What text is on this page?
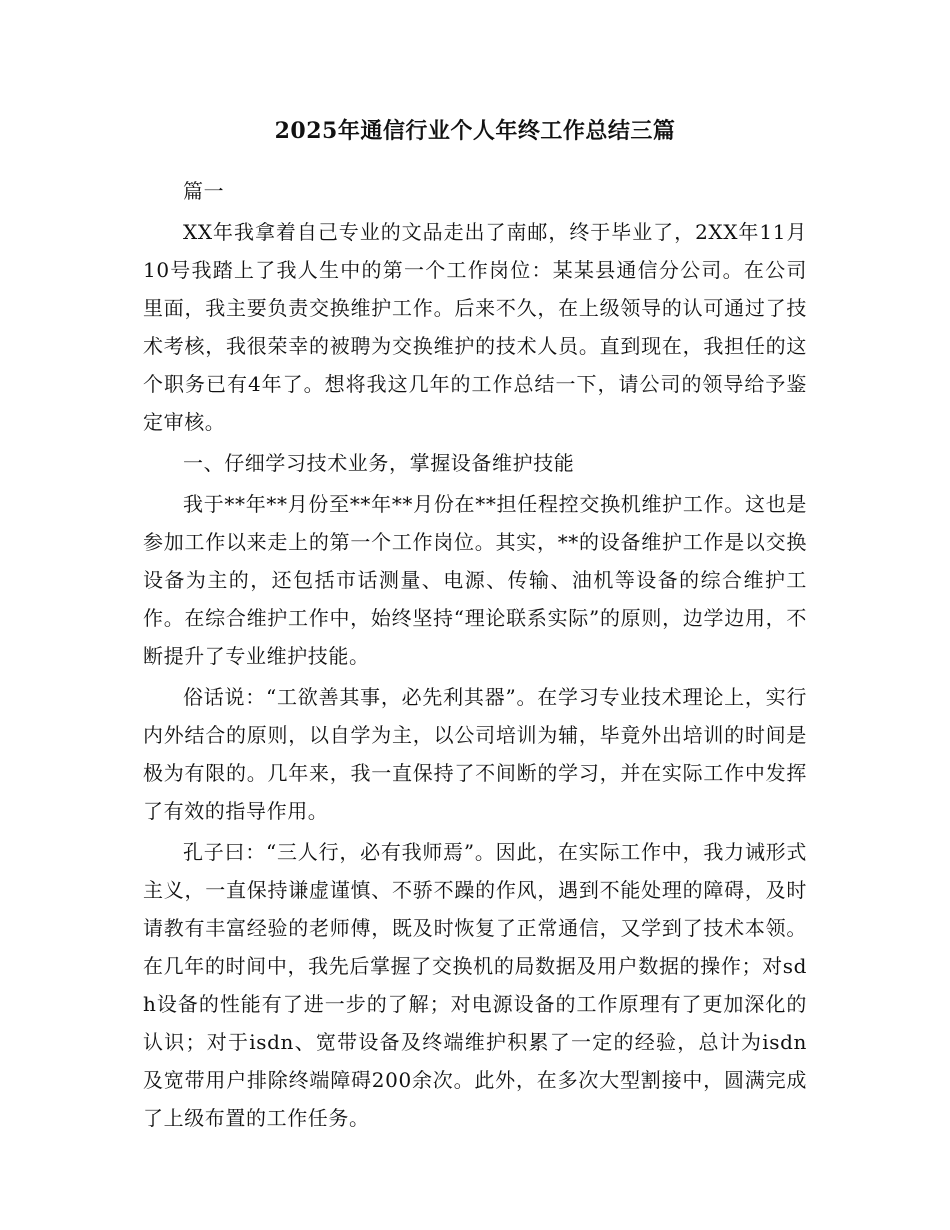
2025年通信行业个人年终工作总结三篇

篇一

XX年我拿着自己专业的文品走出了南邮，终于毕业了，2XX年11月10号我踏上了我人生中的第一个工作岗位：某某县通信分公司。在公司里面，我主要负责交换维护工作。后来不久，在上级领导的认可通过了技术考核，我很荣幸的被聘为交换维护的技术人员。直到现在，我担任的这个职务已有4年了。想将我这几年的工作总结一下，请公司的领导给予鉴定审核。

一、仔细学习技术业务，掌握设备维护技能

我于**年**月份至**年**月份在**担任程控交换机维护工作。这也是参加工作以来走上的第一个工作岗位。其实，**的设备维护工作是以交换设备为主的，还包括市话测量、电源、传输、油机等设备的综合维护工作。在综合维护工作中，始终坚持“理论联系实际”的原则，边学边用，不断提升了专业维护技能。

俗话说：“工欲善其事，必先利其器”。在学习专业技术理论上，实行内外结合的原则，以自学为主，以公司培训为辅，毕竟外出培训的时间是极为有限的。几年来，我一直保持了不间断的学习，并在实际工作中发挥了有效的指导作用。

孔子曰：“三人行，必有我师焉”。因此，在实际工作中，我力诫形式主义，一直保持谦虚谨慎、不骄不躁的作风，遇到不能处理的障碍，及时请教有丰富经验的老师傅，既及时恢复了正常通信，又学到了技术本领。在几年的时间中，我先后掌握了交换机的局数据及用户数据的操作；对sdh设备的性能有了进一步的了解；对电源设备的工作原理有了更加深化的认识；对于isdn、宽带设备及终端维护积累了一定的经验，总计为isdn及宽带用户排除终端障碍200余次。此外，在多次大型割接中，圆满完成了上级布置的工作任务。
